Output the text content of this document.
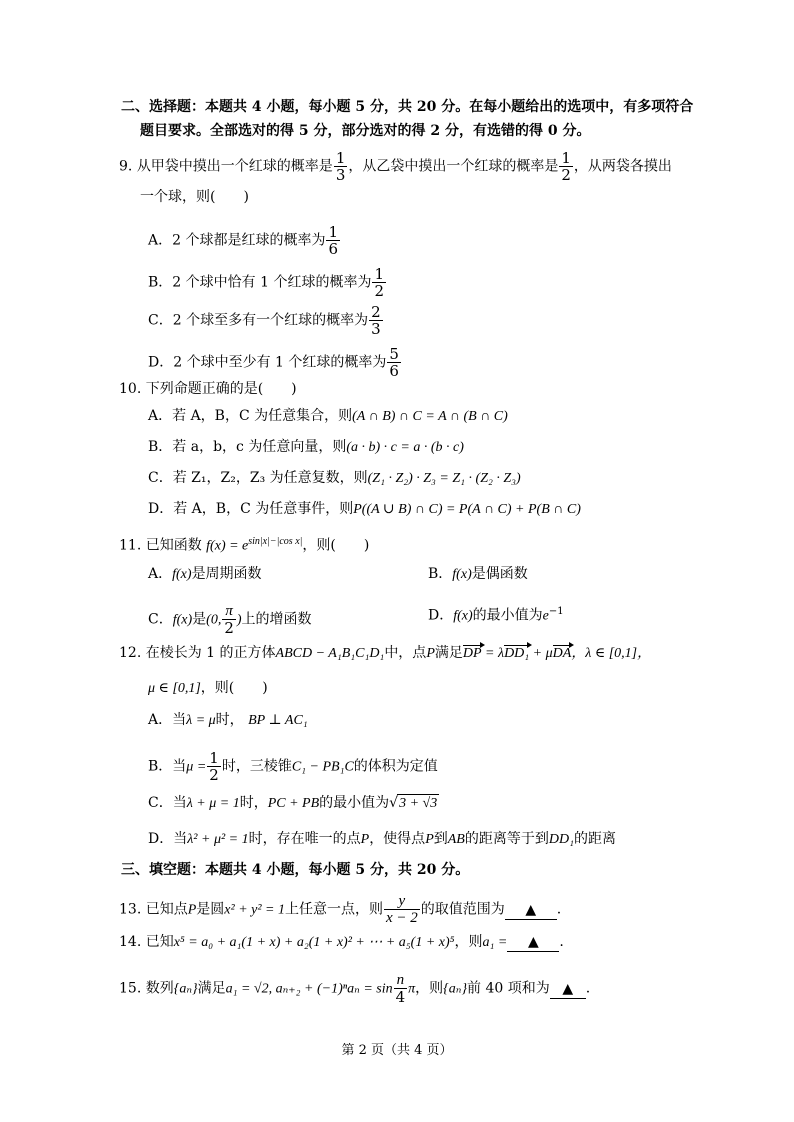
二、选择题：本题共 4 小题，每小题 5 分，共 20 分。在每小题给出的选项中，有多项符合
题目要求。全部选对的得 5 分，部分选对的得 2 分，有选错的得 0 分。
9. 从甲袋中摸出一个红球的概率是 $\frac{1}{3}$ ，从乙袋中摸出一个红球的概率是 $\frac{1}{2}$ ，从两袋各摸出
一个球，则(　　)
A．2 个球都是红球的概率为 $\frac{1}{6}$
B．2 个球中恰有 1 个红球的概率为 $\frac{1}{2}$
C．2 个球至多有一个红球的概率为 $\frac{2}{3}$
D．2 个球中至少有 1 个红球的概率为 $\frac{5}{6}$
10. 下列命题正确的是(　　)
A．若 A，B，C 为任意集合，则(A ∩ B) ∩ C = A ∩ (B ∩ C)
B．若 a，b，c 为任意向量，则(a · b) · c = a · (b · c)
C．若 Z₁，Z₂，Z₃ 为任意复数，则(Z₁ · Z₂) · Z₃ = Z₁ · (Z₂ · Z₃)
D．若 A，B，C 为任意事件，则P((A ∪ B) ∩ C) = P(A ∩ C) + P(B ∩ C)
11. 已知函数 $f(x) = e^{sin|x|-|cos x|}$，则(　　)
A．f(x)是周期函数	B．f(x)是偶函数
C．f(x)是(0, $\frac{\pi}{2}$ )上的增函数	D．f(x)的最小值为$e^{-1}$
12. 在棱长为 1 的正方体ABCD − A₁B₁C₁D₁中，点P满足DP = λDD₁ + μDA，λ ∈ [0,1]，
μ ∈ [0,1]，则(　　)
A．当λ = μ时， BP ⊥ AC₁
B．当$\mu = \frac{1}{2}$ 时，三棱锥C₁ − PB₁C的体积为定值
C．当λ + μ = 1时，PC + PB的最小值为√3 + √3
D．当λ² + μ² = 1时，存在唯一的点P，使得点P到AB的距离等于到DD₁的距离
三、填空题：本题共 4 小题，每小题 5 分，共 20 分。
13. 已知点P是圆x² + y² = 1上任意一点，则 $\frac{y}{x - 2}$ 的取值范围为 ▲ .
14. 已知x⁵ = a₀ + a₁(1 + x) + a₂(1 + x)² + ⋯ + a₅(1 + x)⁵，则a₁ = ▲ .
15. 数列{aₙ}满足a₁ = √2, $a_{n+2} + (-1)^na_n = \sin \frac{n}{4}$ π，则{aₙ}前 40 项和为 ▲ .
第 2 页（共 4 页）
